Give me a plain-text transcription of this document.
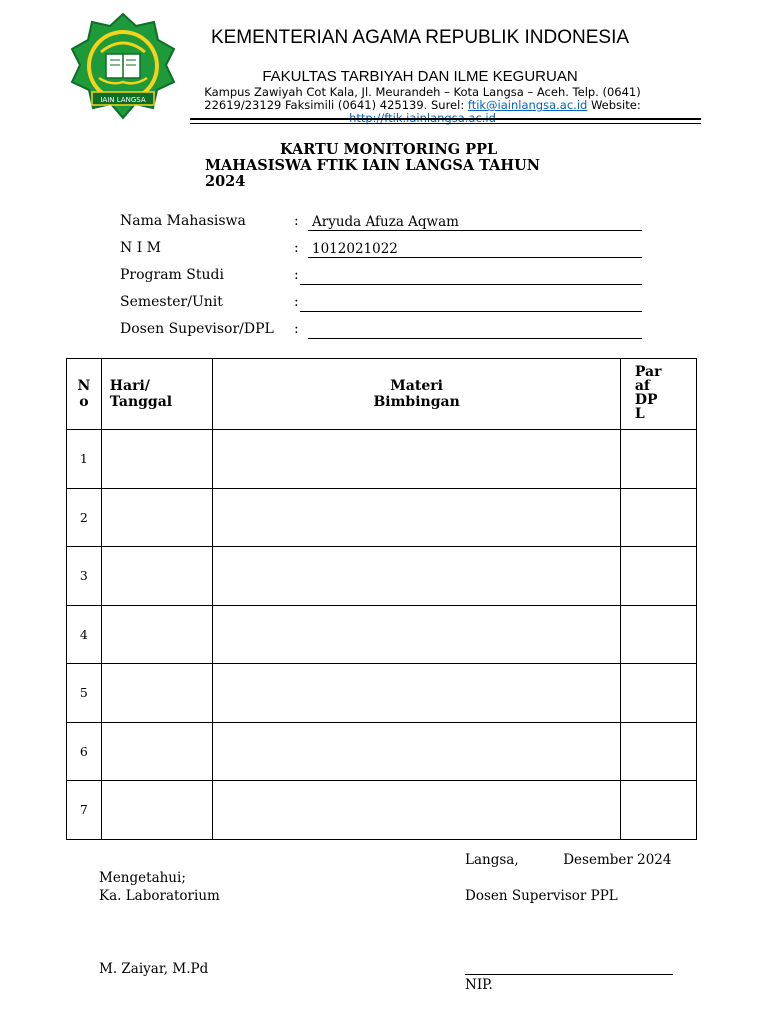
IAIN LANGSA
KEMENTERIAN AGAMA REPUBLIK INDONESIA
FAKULTAS TARBIYAH DAN ILME KEGURUAN
Kampus Zawiyah Cot Kala, Jl. Meurandeh – Kota Langsa – Aceh. Telp. (0641) 22619/23129 Faksimili (0641) 425139. Surel: ftik@iainlangsa.ac.id Website: http://ftik.iainlangsa.ac.id
KARTU MONITORING PPL
MAHASISWA FTIK IAIN LANGSA TAHUN 2024
Nama Mahasiswa	: Aryuda Afuza Aqwam
N I M	: 1012021022
Program Studi	:
Semester/Unit	:
Dosen Supevisor/DPL :
N o	Hari/ Tanggal	Materi Bimbingan	Par af DP L

1			
2			
3			
4			
5			
6			
7			
Langsa,	Desember 2024
Mengetahui;
Ka. Laboratorium	Dosen Supervisor PPL
M. Zaiyar, M.Pd
NIP.
